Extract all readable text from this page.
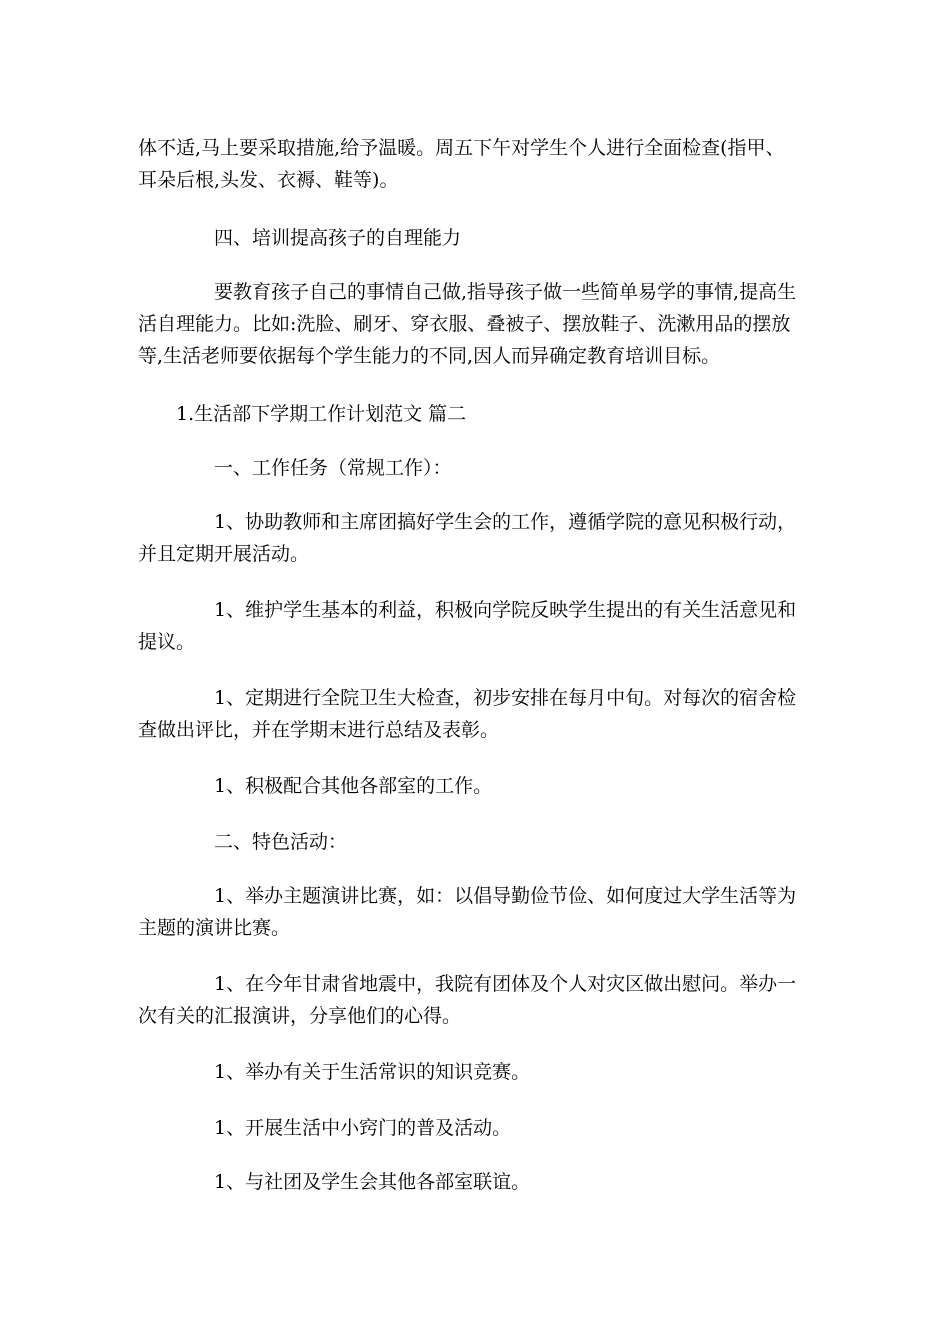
体不适,马上要采取措施,给予温暖。周五下午对学生个人进行全面检查(指甲、
耳朵后根,头发、衣褥、鞋等)。

四、培训提高孩子的自理能力

要教育孩子自己的事情自己做,指导孩子做一些简单易学的事情,提高生
活自理能力。比如:洗脸、刷牙、穿衣服、叠被子、摆放鞋子、洗漱用品的摆放
等,生活老师要依据每个学生能力的不同,因人而异确定教育培训目标。

1.生活部下学期工作计划范文 篇二

一、工作任务（常规工作）：

1、协助教师和主席团搞好学生会的工作，遵循学院的意见积极行动，
并且定期开展活动。

1、维护学生基本的利益，积极向学院反映学生提出的有关生活意见和
提议。

1、定期进行全院卫生大检查，初步安排在每月中旬。对每次的宿舍检
查做出评比，并在学期末进行总结及表彰。

1、积极配合其他各部室的工作。

二、特色活动：

1、举办主题演讲比赛，如：以倡导勤俭节俭、如何度过大学生活等为
主题的演讲比赛。

1、在今年甘肃省地震中，我院有团体及个人对灾区做出慰问。举办一
次有关的汇报演讲，分享他们的心得。

1、举办有关于生活常识的知识竞赛。

1、开展生活中小窍门的普及活动。

1、与社团及学生会其他各部室联谊。
